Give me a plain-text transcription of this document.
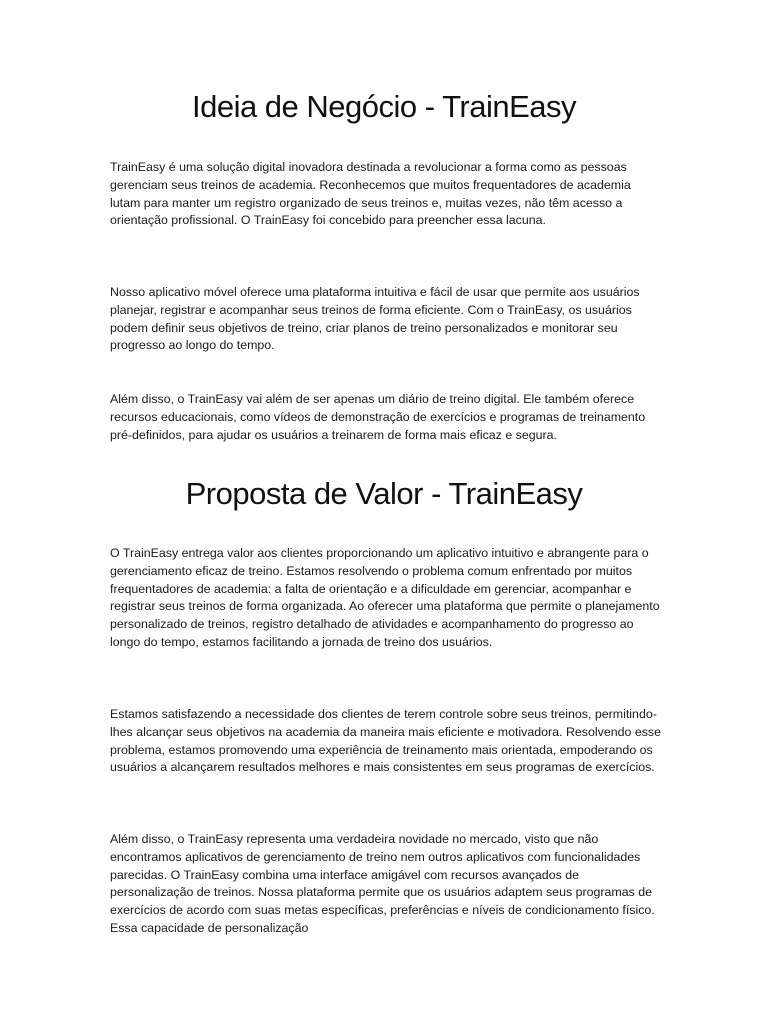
Ideia de Negócio - TrainEasy

TrainEasy é uma solução digital inovadora destinada a revolucionar a forma como as pessoas gerenciam seus treinos de academia. Reconhecemos que muitos frequentadores de academia lutam para manter um registro organizado de seus treinos e, muitas vezes, não têm acesso a orientação profissional. O TrainEasy foi concebido para preencher essa lacuna.

Nosso aplicativo móvel oferece uma plataforma intuitiva e fácil de usar que permite aos usuários planejar, registrar e acompanhar seus treinos de forma eficiente. Com o TrainEasy, os usuários podem definir seus objetivos de treino, criar planos de treino personalizados e monitorar seu progresso ao longo do tempo.

Além disso, o TrainEasy vai além de ser apenas um diário de treino digital. Ele também oferece recursos educacionais, como vídeos de demonstração de exercícios e programas de treinamento pré-definidos, para ajudar os usuários a treinarem de forma mais eficaz e segura.

Proposta de Valor - TrainEasy

O TrainEasy entrega valor aos clientes proporcionando um aplicativo intuitivo e abrangente para o gerenciamento eficaz de treino. Estamos resolvendo o problema comum enfrentado por muitos frequentadores de academia: a falta de orientação e a dificuldade em gerenciar, acompanhar e registrar seus treinos de forma organizada. Ao oferecer uma plataforma que permite o planejamento personalizado de treinos, registro detalhado de atividades e acompanhamento do progresso ao longo do tempo, estamos facilitando a jornada de treino dos usuários.

Estamos satisfazendo a necessidade dos clientes de terem controle sobre seus treinos, permitindo-lhes alcançar seus objetivos na academia da maneira mais eficiente e motivadora. Resolvendo esse problema, estamos promovendo uma experiência de treinamento mais orientada, empoderando os usuários a alcançarem resultados melhores e mais consistentes em seus programas de exercícios.

Além disso, o TrainEasy representa uma verdadeira novidade no mercado, visto que não encontramos aplicativos de gerenciamento de treino nem outros aplicativos com funcionalidades parecidas. O TrainEasy combina uma interface amigável com recursos avançados de personalização de treinos. Nossa plataforma permite que os usuários adaptem seus programas de exercícios de acordo com suas metas específicas, preferências e níveis de condicionamento físico. Essa capacidade de personalização
